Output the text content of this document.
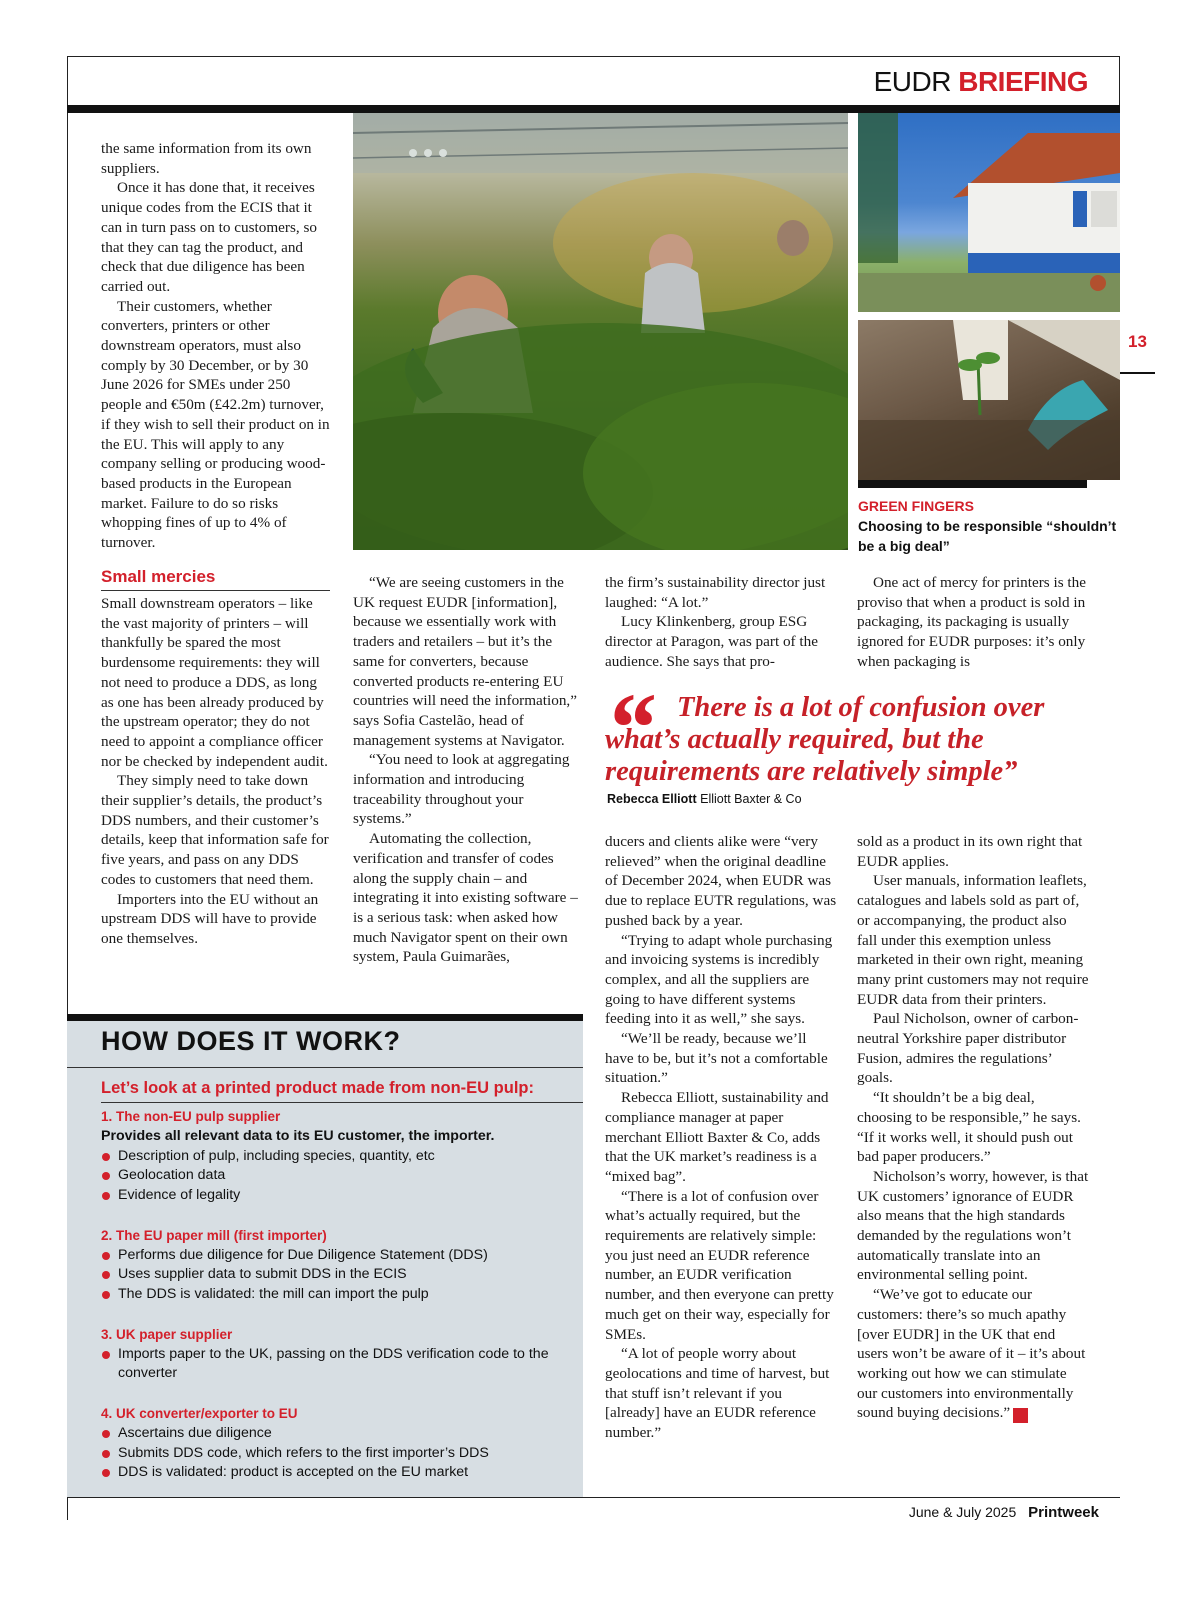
EUDR BRIEFING
13
GREEN FINGERS
Choosing to be responsible “shouldn’t be a big deal”

the same information from its own suppliers.

Once it has done that, it receives unique codes from the ECIS that it can in turn pass on to customers, so that they can tag the product, and check that due diligence has been carried out.

Their customers, whether converters, printers or other downstream operators, must also comply by 30 December, or by 30 June 2026 for SMEs under 250 people and €50m (£42.2m) turnover, if they wish to sell their product on in the EU. This will apply to any company selling or producing wood-based products in the European market. Failure to do so risks whopping fines of up to 4% of turnover.

Small mercies

Small downstream operators – like the vast majority of printers – will thankfully be spared the most burdensome requirements: they will not need to produce a DDS, as long as one has been already produced by the upstream operator; they do not need to appoint a compliance officer nor be checked by independent audit.

They simply need to take down their supplier’s details, the product’s DDS numbers, and their customer’s details, keep that information safe for five years, and pass on any DDS codes to customers that need them.

Importers into the EU without an upstream DDS will have to provide one themselves.

“We are seeing customers in the UK request EUDR [information], because we essentially work with traders and retailers – but it’s the same for converters, because converted products re-entering EU countries will need the information,” says Sofia Castelão, head of management systems at Navigator.

“You need to look at aggregating information and introducing traceability throughout your systems.”

Automating the collection, verification and transfer of codes along the supply chain – and integrating it into existing software – is a serious task: when asked how much Navigator spent on their own system, Paula Guimarães,

the firm’s sustainability director just laughed: “A lot.”

Lucy Klinkenberg, group ESG director at Paragon, was part of the audience. She says that pro-

One act of mercy for printers is the proviso that when a product is sold in packaging, its packaging is usually ignored for EUDR purposes: it’s only when packaging is

“ There is a lot of confusion over what’s actually required, but the requirements are relatively simple”
Rebecca Elliott Elliott Baxter & Co

ducers and clients alike were “very relieved” when the original deadline of December 2024, when EUDR was due to replace EUTR regulations, was pushed back by a year.

“Trying to adapt whole purchasing and invoicing systems is incredibly complex, and all the suppliers are going to have different systems feeding into it as well,” she says.

“We’ll be ready, because we’ll have to be, but it’s not a comfortable situation.”

Rebecca Elliott, sustainability and compliance manager at paper merchant Elliott Baxter & Co, adds that the UK market’s readiness is a “mixed bag”.

“There is a lot of confusion over what’s actually required, but the requirements are relatively simple: you just need an EUDR reference number, an EUDR verification number, and then everyone can pretty much get on their way, especially for SMEs.

“A lot of people worry about geolocations and time of harvest, but that stuff isn’t relevant if you [already] have an EUDR reference number.”

sold as a product in its own right that EUDR applies.

User manuals, information leaflets, catalogues and labels sold as part of, or accompanying, the product also fall under this exemption unless marketed in their own right, meaning many print customers may not require EUDR data from their printers.

Paul Nicholson, owner of carbon-neutral Yorkshire paper distributor Fusion, admires the regulations’ goals.

“It shouldn’t be a big deal, choosing to be responsible,” he says. “If it works well, it should push out bad paper producers.”

Nicholson’s worry, however, is that UK customers’ ignorance of EUDR also means that the high standards demanded by the regulations won’t automatically translate into an environmental selling point.

“We’ve got to educate our customers: there’s so much apathy [over EUDR] in the UK that end users won’t be aware of it – it’s about working out how we can stimulate our customers into environmentally sound buying decisions.” P

HOW DOES IT WORK?
Let’s look at a printed product made from non-EU pulp:
1. The non-EU pulp supplier
Provides all relevant data to its EU customer, the importer.
Description of pulp, including species, quantity, etc
Geolocation data
Evidence of legality
2. The EU paper mill (first importer)
Performs due diligence for Due Diligence Statement (DDS)
Uses supplier data to submit DDS in the ECIS
The DDS is validated: the mill can import the pulp
3. UK paper supplier
Imports paper to the UK, passing on the DDS verification code to the converter
4. UK converter/exporter to EU
Ascertains due diligence
Submits DDS code, which refers to the first importer’s DDS
DDS is validated: product is accepted on the EU market
June & July 2025 Printweek
